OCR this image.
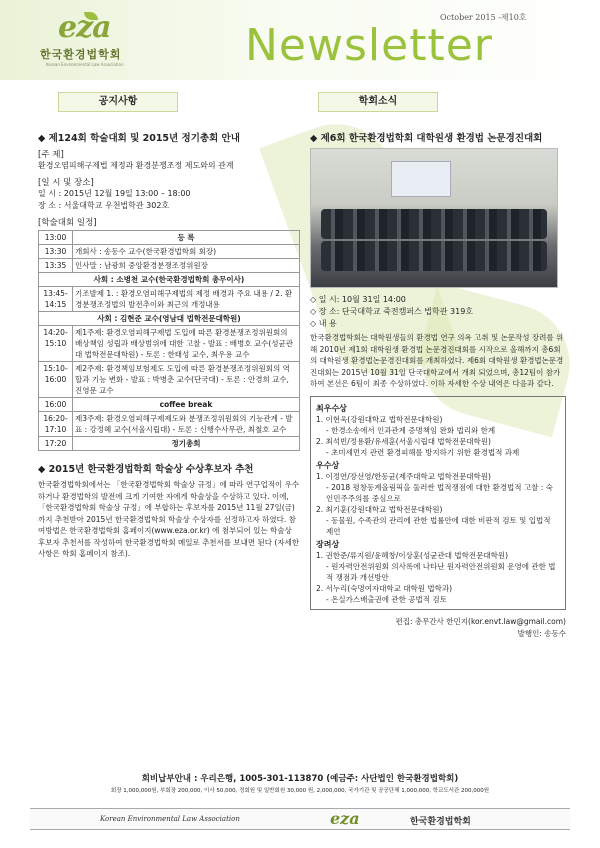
eza
한국환경법학회
Korean Environmental Law Association
October 2015 -제10호
Newsletter
공지사항	학회소식
◆ 제124회 학술대회 및 2015년 정기총회 안내
[주 제]
환경오염피해구제법 제정과 환경분쟁조정 제도와의 관계
[일 시 및 장소]
일 시 : 2015년 12월 19일 13:00 – 18:00
장 소 : 서울대학교 우천법학관 302호
[학술대회 일정]
13:00	등 록
13:30	개회사 : 송동수 교수(한국환경법학회 회장)
13:35	인사말 : 남광희 중앙환경분쟁조정위원장
사회 : 소병천 교수(한국환경법학회 총무이사)	
13:45-14:15	기조발제 1. : 환경오염피해구제법의 제정 배경과 주요 내용 / 2. 환경분쟁조정법의 발전추이와 최근의 개정내용
사회 : 김현준 교수(영남대 법학전문대학원)	
14:20-15:10	제1주제: 환경오염피해구제법 도입에 따른 환경분쟁조정위원회의 배상책임 성립과 배상범위에 대한 고찰 - 발표 : 배병호 교수(성균관대 법학전문대학원) - 토론 : 한태성 교수, 최우용 교수
15:10-16:00	제2주제: 환경책임보험제도 도입에 따른 환경분쟁조정위원회의 역할과 기능 변화 - 발표 : 박병춘 교수(단국대) - 토론 : 안경희 교수, 진영문 교수
16:00	coffee break
16:20-17:10	제3주제: 환경오염피해구제제도와 분쟁조정위원회의 기능관계 - 발표 : 강정혜 교수(서울시립대) - 토론 : 신행수사무관, 최철호 교수
17:20	정기총회
◆ 2015년 한국환경법학회 학술상 수상후보자 추천
한국환경법학회에서는 「한국환경법학회 학술상 규정」에 따라 연구업적이 우수하거나 환경법학의 발전에 크게 기여한 자에게 학술상을 수상하고 있다. 이에, 「한국환경법학회 학술상 규정」에 부합하는 후보자를 2015년 11월 27일(금) 까지 추천받아 2015년 한국환경법학회 학술상 수상자를 선정하고자 하였다. 참여방법은 한국환경법학회 홈페이지(www.eza.or.kr) 에 첨부되어 있는 학술상 후보자 추천서를 작성하여 한국환경법학회 메일로 추천서를 보내면 된다 (자세한 사항은 학회 홈페이지 참조).
◆ 제6회 한국환경법학회 대학원생 환경법 논문경진대회
◇ 일 시: 10월 31일 14:00
◇ 장 소: 단국대학교 죽전캠퍼스 법학관 319호
◇ 내 용
한국환경법학회는 대학원생들의 환경법 연구 의욕 고취 및 논문작성 장려를 위해 2010년 제1회 대학원생 환경법 논문경진대회를 시작으로 올해까지 총6회의 대학원생 환경법논문경진대회를 개최하였다. 제6회 대학원생 환경법논문경진대회는 2015년 10월 31일 단국대학교에서 개최 되었으며, 총12팀이 참가하여 본선은 6팀이 최종 수상하였다. 이하 자세한 수상 내역은 다음과 같다.
최우수상
1. 이현욱(강원대학교 법학전문대학원)
- 한경소송에서 인과관계 증명책임 완화 법리와 한계
2. 최석빈/정용환/유세훈(서울시립대 법학전문대학원)
- 초미세먼지 관련 환경피해를 방지하기 위한 환경법적 과제
우수상
1. 이정연/장선영/한동균(제주대학교 법학전문대학원)
- 2018 평창동계올림픽을 둘러싼 법적쟁점에 대한 환경법적 고찰 : 숙인민주주의를 중심으로
2. 최기훈(강원대학교 법학전문대학원)
- 동물원, 수족관의 관리에 관한 법률안에 대한 비판적 검토 및 입법적 제언
장려상
1. 권한준/류지원/윤혜창/이상훈(성균관대 법학전문대학원)
- 원자력안전위원회 의사록에 나타난 원자력안전위원회 운영에 관한 법적 쟁점과 개선방안
2. 서누리(숙명여자대학교 대학원 법학과)
- 온실가스배출권에 관한 공법적 검토
편집: 총무간사 한민지(kor.envt.law@gmail.com)
발행인: 송동수
회비납부안내 : 우리은행, 1005-301-113870 (예금주: 사단법인 한국환경법학회)
회장 1,000,000원, 부회장 200,000, 이사 50,000, 정회원 및 일반회원 30,000 원, 2,000,000, 국가기관 및 공공단체 1,000,000, 학교도서관 200,000원
Korean Environmental Law Association	eza	한국환경법학회
